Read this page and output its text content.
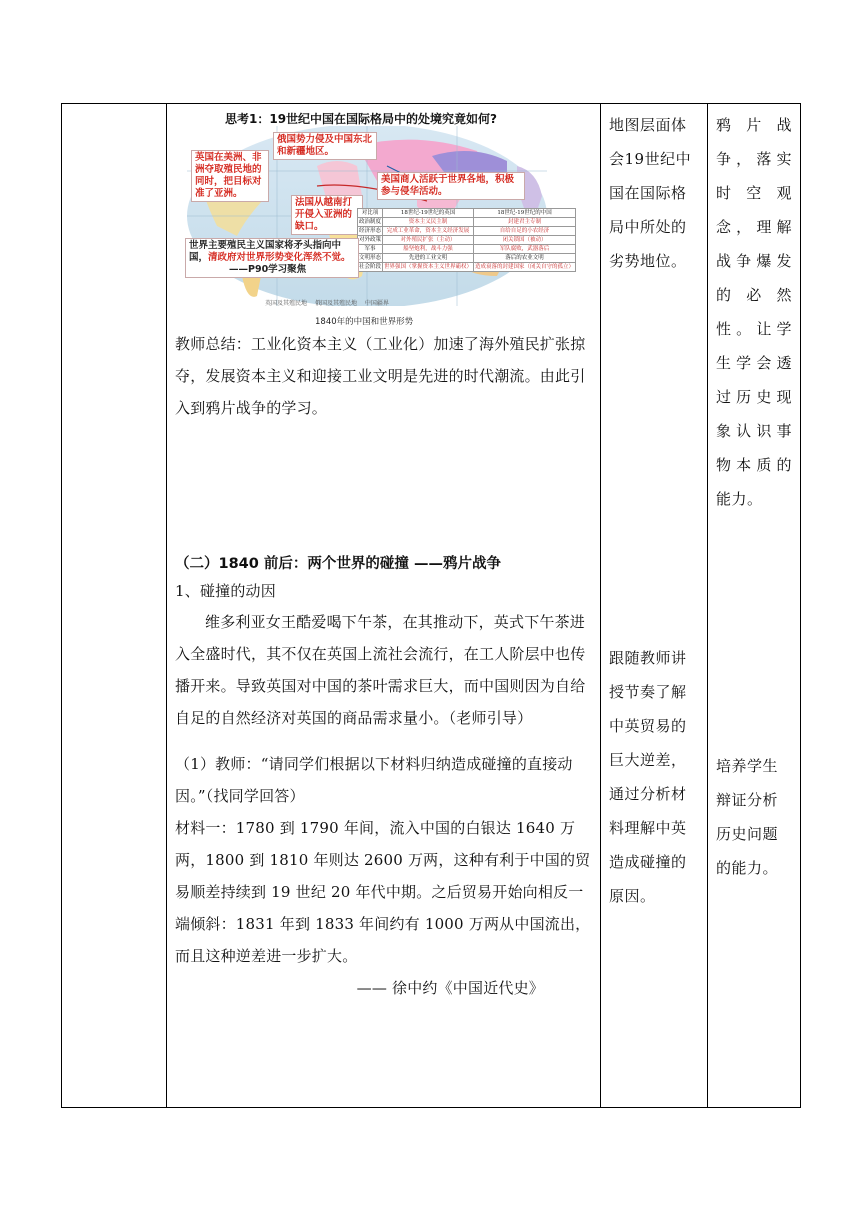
思考1：19世纪中国在国际格局中的处境究竟如何?
俄国势力侵及中国东北和新疆地区。
英国在美洲、非洲夺取殖民地的同时，把目标对准了亚洲。
美国商人活跃于世界各地，积极参与侵华活动。
法国从越南打开侵入亚洲的缺口。
对比项	18世纪-19世纪的英国	18世纪-19世纪的中国
政治制度	资本主义民主制	封建君主专制
经济形态	完成工业革命，资本主义经济发展	自给自足的小农经济
对外政策	对外殖民扩张（主动）	闭关锁国（被动）
军事	船坚炮利，战斗力强	军队腐败，武器落后
文明形态	先进的工业文明	落后的农业文明
社会阶段	世界强国（掌握资本主义世界霸权）	造成衰落的封建国家（闭关自守的孤立）
世界主要殖民主义国家将矛头指向中国，清政府对世界形势变化浑然不觉。
——P90学习聚焦
英国及其殖民地　 俄国及其殖民地　 中国疆界
1840年的中国和世界形势

教师总结：工业化资本主义（工业化）加速了海外殖民扩张掠夺，发展资本主义和迎接工业文明是先进的时代潮流。由此引入到鸦片战争的学习。

（二）1840 前后：两个世界的碰撞 ——鸦片战争

1、碰撞的动因

维多利亚女王酷爱喝下午茶，在其推动下，英式下午茶进入全盛时代，其不仅在英国上流社会流行，在工人阶层中也传播开来。导致英国对中国的茶叶需求巨大，而中国则因为自给自足的自然经济对英国的商品需求量小。（老师引导）

（1）教师：“请同学们根据以下材料归纳造成碰撞的直接动因。”（找同学回答）

材料一：1780 到 1790 年间，流入中国的白银达 1640 万两，1800 到 1810 年则达 2600 万两，这种有利于中国的贸易顺差持续到 19 世纪 20 年代中期。之后贸易开始向相反一端倾斜：1831 年到 1833 年间约有 1000 万两从中国流出，而且这种逆差进一步扩大。

—— 徐中约《中国近代史》

地图层面体会19世纪中国在国际格局中所处的劣势地位。
跟随教师讲授节奏了解中英贸易的巨大逆差，通过分析材料理解中英造成碰撞的原因。

鸦片战争，落实时空观念，理解战争爆发的必然性。让学生学会透过历史现象认识事物本质的能力。
培养学生辩证分析历史问题的能力。
